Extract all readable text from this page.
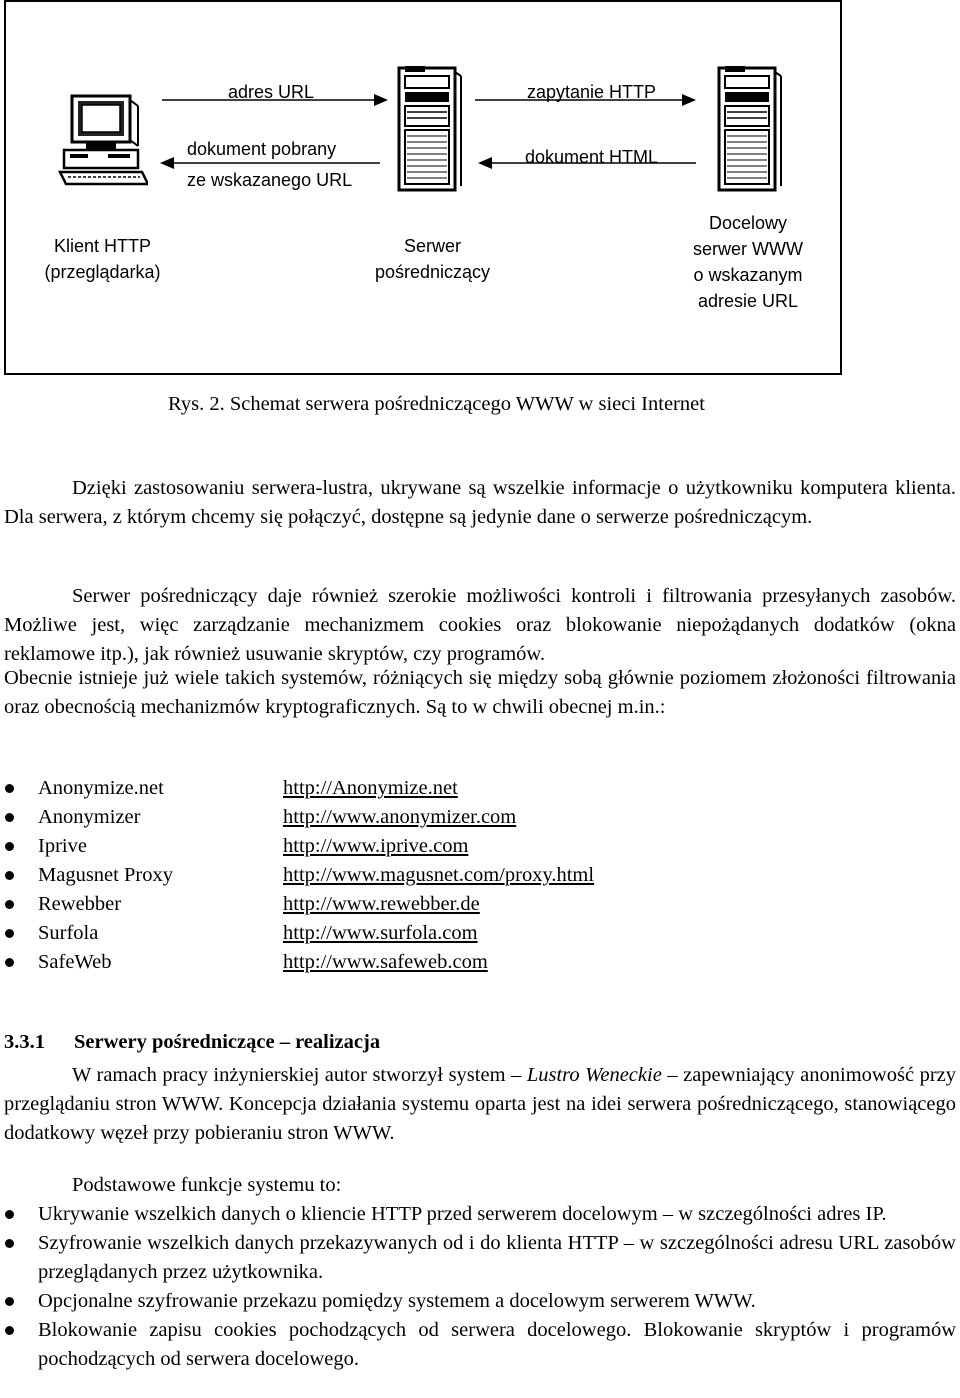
adres URL	zapytanie HTTP
dokument pobrany
ze wskazanego URL
dokument HTML
Klient HTTP
(przeglądarka)
Serwer
pośredniczący
Docelowy
serwer WWW
o wskazanym
adresie URL
Rys. 2. Schemat serwera pośredniczącego WWW w sieci Internet
Dzięki zastosowaniu serwera-lustra, ukrywane są wszelkie informacje o użytkowniku komputera klienta. Dla serwera, z którym chcemy się połączyć, dostępne są jedynie dane o serwerze pośredniczącym.
Serwer pośredniczący daje również szerokie możliwości kontroli i filtrowania przesyłanych zasobów. Możliwe jest, więc zarządzanie mechanizmem cookies oraz blokowanie niepożądanych dodatków (okna reklamowe itp.), jak również usuwanie skryptów, czy programów.
Obecnie istnieje już wiele takich systemów, różniących się między sobą głównie poziomem złożoności filtrowania oraz obecnością mechanizmów kryptograficznych. Są to w chwili obecnej m.in.:
Anonymize.net	http://Anonymize.net
Anonymizer	http://www.anonymizer.com
Iprive	http://www.iprive.com
Magusnet Proxy	http://www.magusnet.com/proxy.html
Rewebber	http://www.rewebber.de
Surfola	http://www.surfola.com
SafeWeb	http://www.safeweb.com
3.3.1 Serwery pośredniczące – realizacja
W ramach pracy inżynierskiej autor stworzył system – Lustro Weneckie – zapewniający anonimowość przy przeglądaniu stron WWW. Koncepcja działania systemu oparta jest na idei serwera pośredniczącego, stanowiącego dodatkowy węzeł przy pobieraniu stron WWW.
Podstawowe funkcje systemu to:
Ukrywanie wszelkich danych o kliencie HTTP przed serwerem docelowym – w szczególności adres IP.
Szyfrowanie wszelkich danych przekazywanych od i do klienta HTTP – w szczególności adresu URL zasobów przeglądanych przez użytkownika.
Opcjonalne szyfrowanie przekazu pomiędzy systemem a docelowym serwerem WWW.
Blokowanie zapisu cookies pochodzących od serwera docelowego. Blokowanie skryptów i programów pochodzących od serwera docelowego.
